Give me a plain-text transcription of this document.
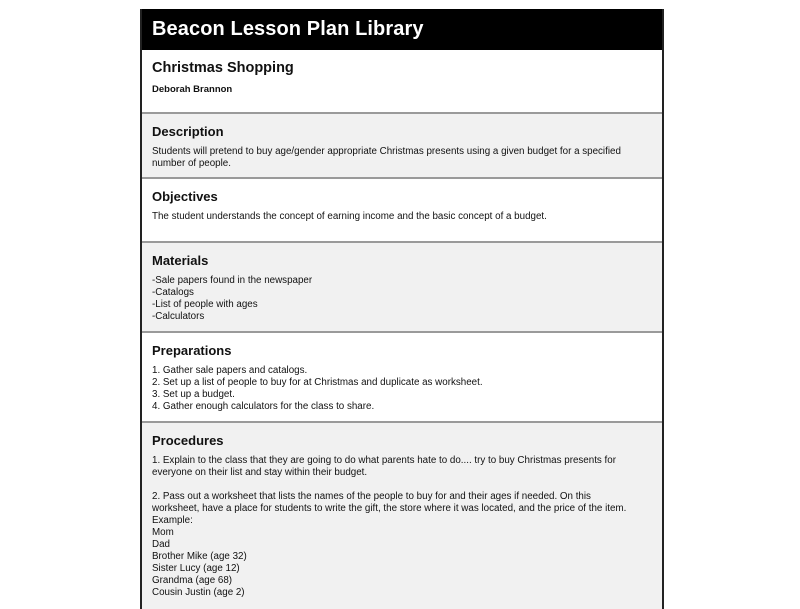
Beacon Lesson Plan Library
Christmas Shopping
Deborah Brannon
Description
Students will pretend to buy age/gender appropriate Christmas presents using a given budget for a specified
number of people.
Objectives
The student understands the concept of earning income and the basic concept of a budget.
Materials
-Sale papers found in the newspaper
-Catalogs
-List of people with ages
-Calculators
Preparations
1. Gather sale papers and catalogs.
2. Set up a list of people to buy for at Christmas and duplicate as worksheet.
3. Set up a budget.
4. Gather enough calculators for the class to share.
Procedures
1. Explain to the class that they are going to do what parents hate to do.... try to buy Christmas presents for
everyone on their list and stay within their budget.
2. Pass out a worksheet that lists the names of the people to buy for and their ages if needed. On this
worksheet, have a place for students to write the gift, the store where it was located, and the price of the item.
Example:
Mom
Dad
Brother Mike (age 32)
Sister Lucy (age 12)
Grandma (age 68)
Cousin Justin (age 2)
